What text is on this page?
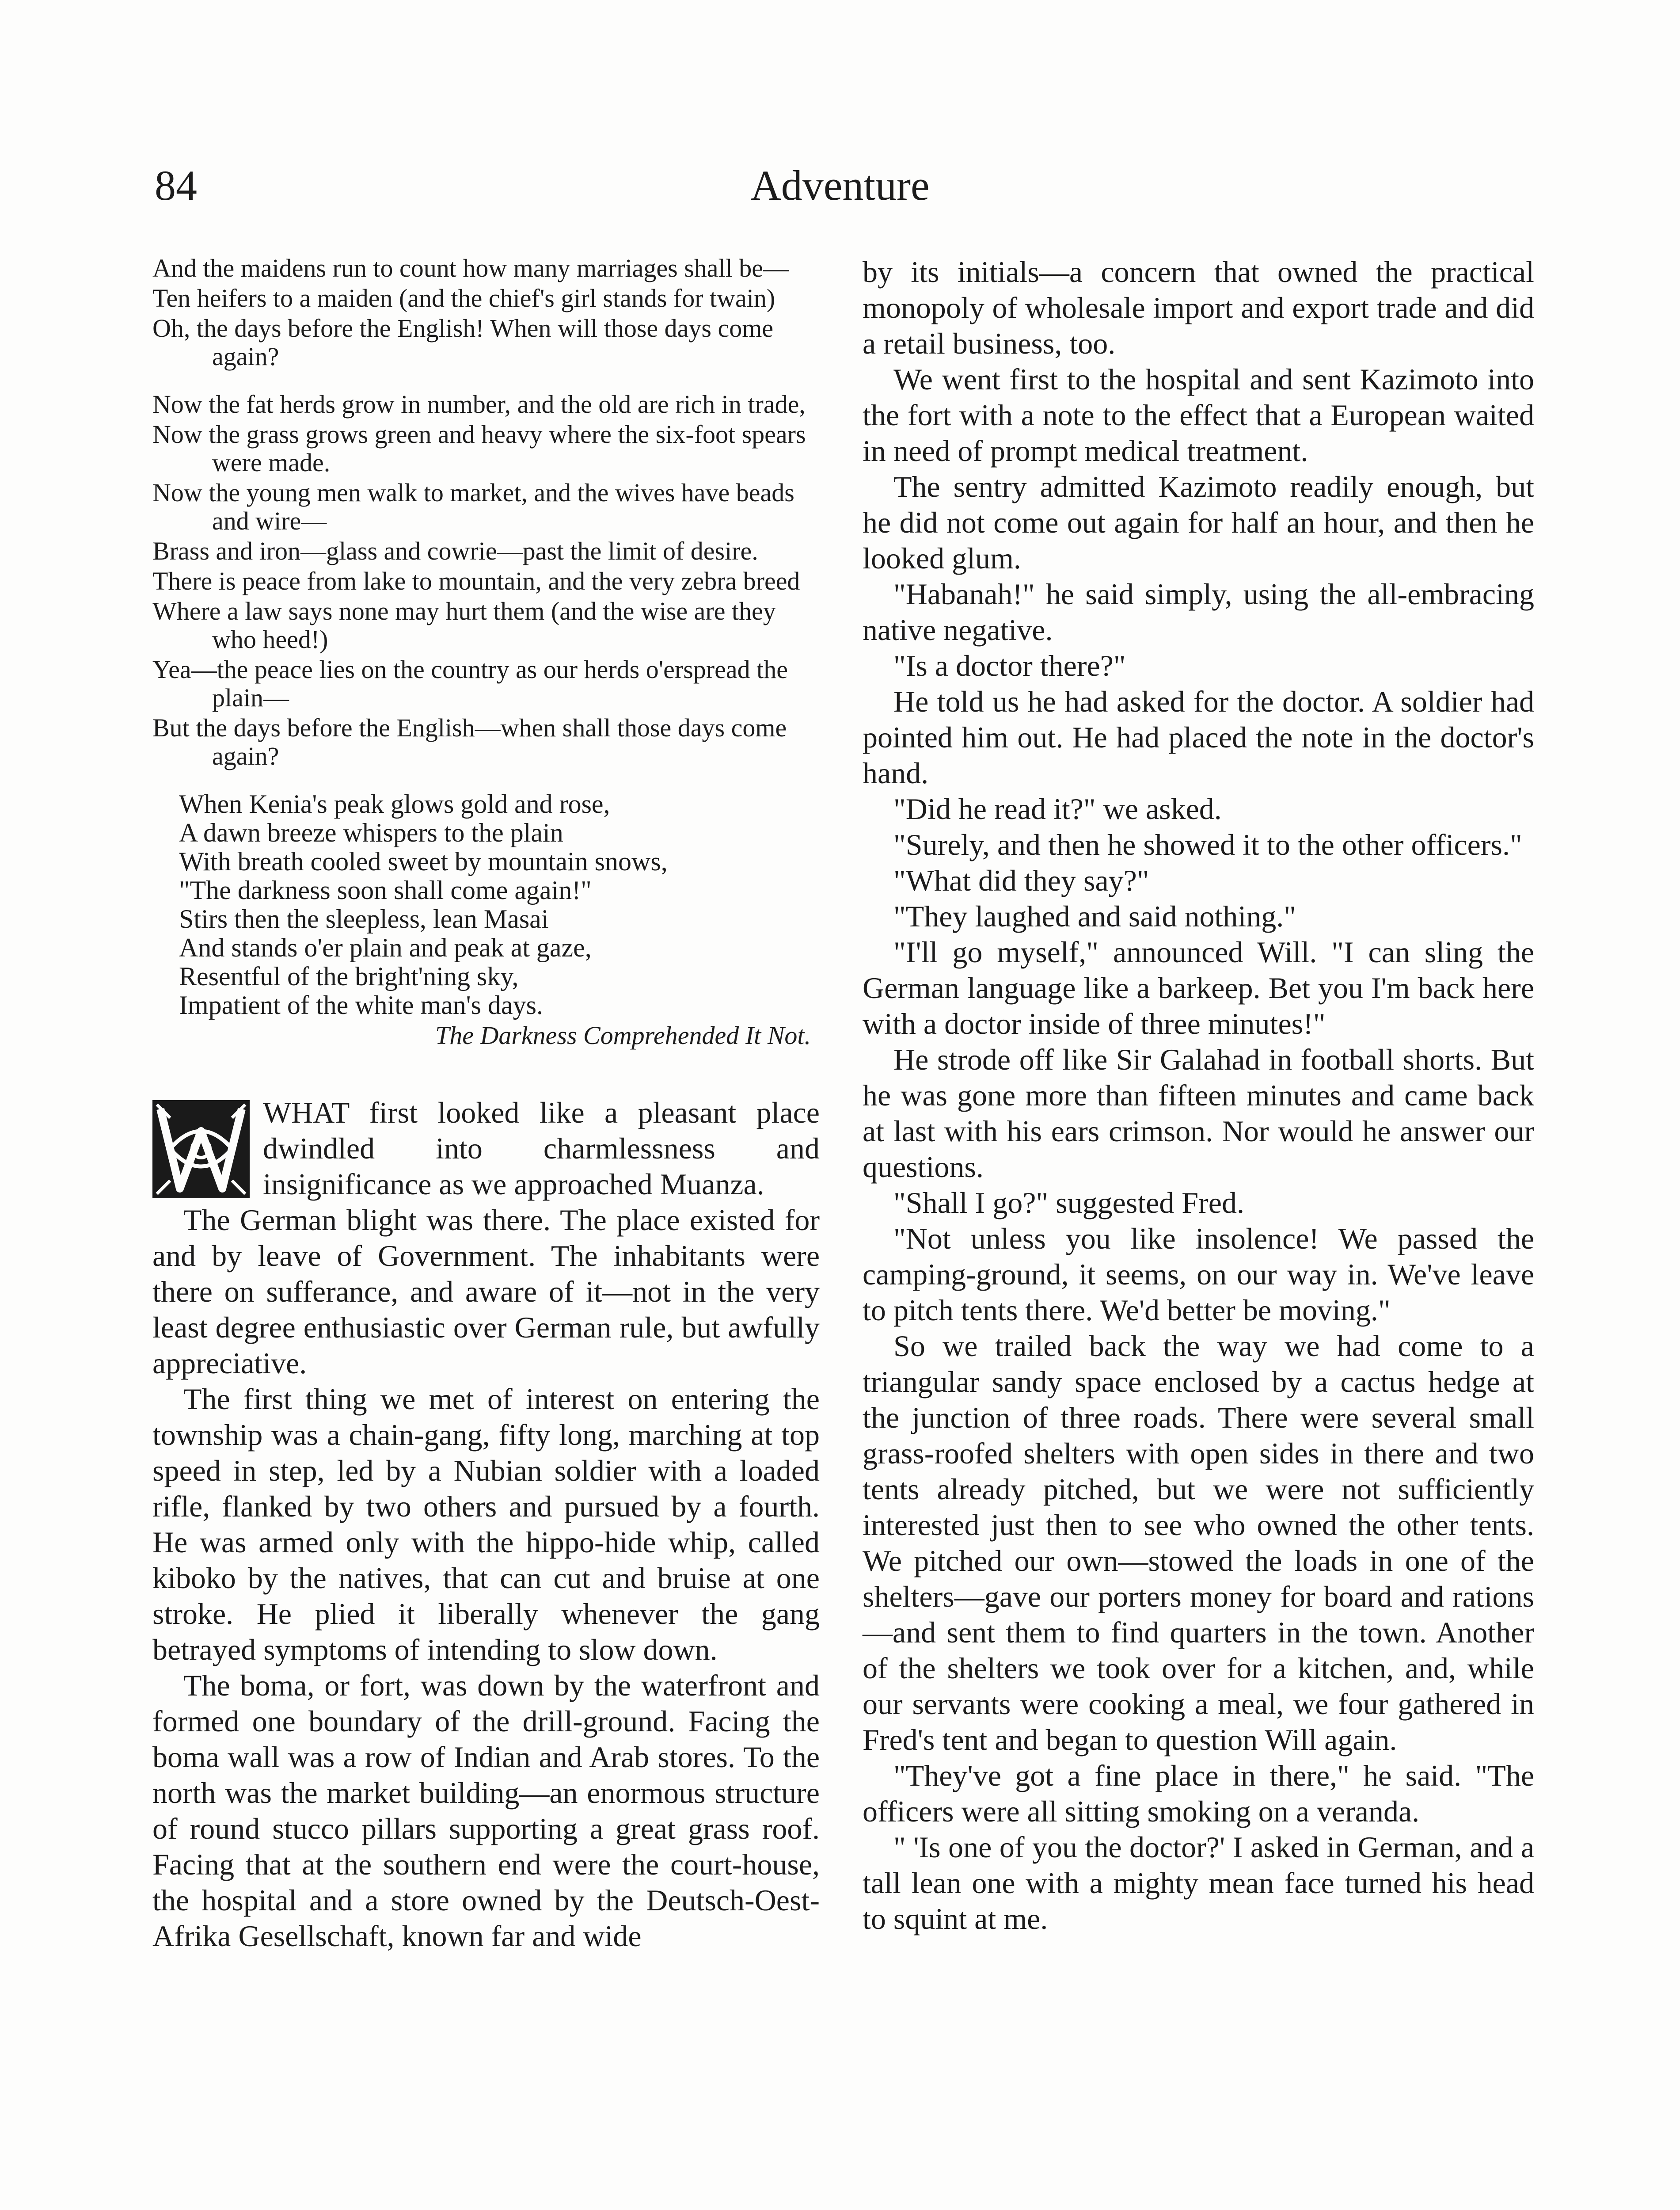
84	Adventure
And the maidens run to count how many marriages shall be—
Ten heifers to a maiden (and the chief's girl stands for twain)
Oh, the days before the English! When will those days come again?
Now the fat herds grow in number, and the old are rich in trade,
Now the grass grows green and heavy where the six-foot spears were made.
Now the young men walk to market, and the wives have beads and wire—
Brass and iron—glass and cowrie—past the limit of desire.
There is peace from lake to mountain, and the very zebra breed
Where a law says none may hurt them (and the wise are they who heed!)
Yea—the peace lies on the country as our herds o'erspread the plain—
But the days before the English—when shall those days come again?
When Kenia's peak glows gold and rose,
A dawn breeze whispers to the plain
With breath cooled sweet by mountain snows,
"The darkness soon shall come again!"
Stirs then the sleepless, lean Masai
And stands o'er plain and peak at gaze,
Resentful of the bright'ning sky,
Impatient of the white man's days.
The Darkness Comprehended It Not.

WHAT first looked like a pleasant place dwindled into charmlessness and insignificance as we approached Muanza.

The German blight was there. The place existed for and by leave of Government. The inhabitants were there on sufferance, and aware of it—not in the very least degree enthusiastic over German rule, but awfully appreciative.

The first thing we met of interest on entering the township was a chain-gang, fifty long, marching at top speed in step, led by a Nubian soldier with a loaded rifle, flanked by two others and pursued by a fourth. He was armed only with the hippo-hide whip, called kiboko by the natives, that can cut and bruise at one stroke. He plied it liberally whenever the gang betrayed symptoms of intending to slow down.

The boma, or fort, was down by the waterfront and formed one boundary of the drill-ground. Facing the boma wall was a row of Indian and Arab stores. To the north was the market building—an enormous structure of round stucco pillars supporting a great grass roof. Facing that at the southern end were the court-house, the hospital and a store owned by the Deutsch-Oest-Afrika Gesellschaft, known far and wide

by its initials—a concern that owned the practical monopoly of wholesale import and export trade and did a retail business, too.

We went first to the hospital and sent Kazimoto into the fort with a note to the effect that a European waited in need of prompt medical treatment.

The sentry admitted Kazimoto readily enough, but he did not come out again for half an hour, and then he looked glum.

"Habanah!" he said simply, using the all-embracing native negative.

"Is a doctor there?"

He told us he had asked for the doctor. A soldier had pointed him out. He had placed the note in the doctor's hand.

"Did he read it?" we asked.

"Surely, and then he showed it to the other officers."

"What did they say?"

"They laughed and said nothing."

"I'll go myself," announced Will. "I can sling the German language like a barkeep. Bet you I'm back here with a doctor inside of three minutes!"

He strode off like Sir Galahad in football shorts. But he was gone more than fifteen minutes and came back at last with his ears crimson. Nor would he answer our questions.

"Shall I go?" suggested Fred.

"Not unless you like insolence! We passed the camping-ground, it seems, on our way in. We've leave to pitch tents there. We'd better be moving."

So we trailed back the way we had come to a triangular sandy space enclosed by a cactus hedge at the junction of three roads. There were several small grass-roofed shelters with open sides in there and two tents already pitched, but we were not sufficiently interested just then to see who owned the other tents. We pitched our own—stowed the loads in one of the shelters—gave our porters money for board and rations—and sent them to find quarters in the town. Another of the shelters we took over for a kitchen, and, while our servants were cooking a meal, we four gathered in Fred's tent and began to question Will again.

"They've got a fine place in there," he said. "The officers were all sitting smoking on a veranda.

" 'Is one of you the doctor?' I asked in German, and a tall lean one with a mighty mean face turned his head to squint at me.
